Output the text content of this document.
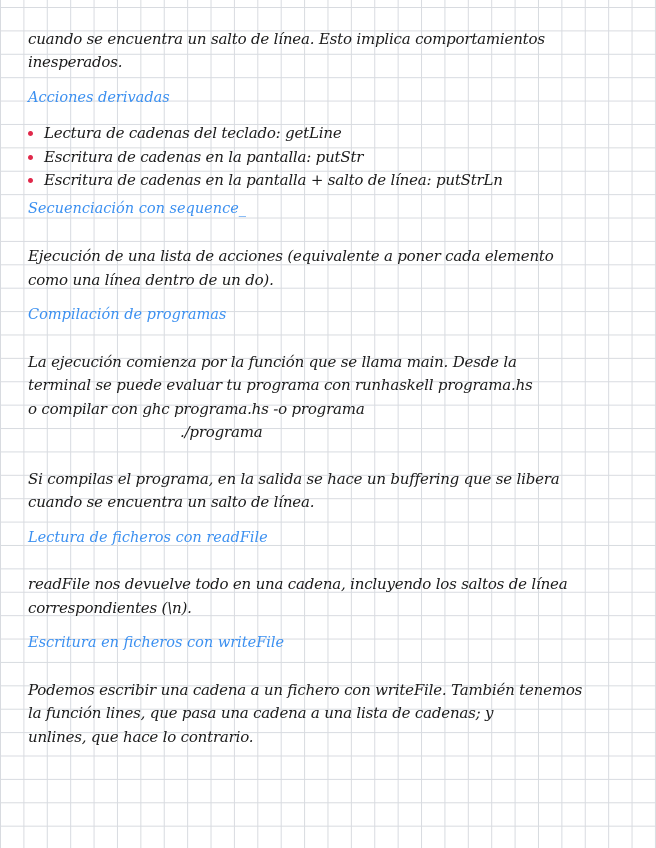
cuando se encuentra un salto de línea. Esto implica comportamientos

inesperados.

Acciones derivadas

Lectura de cadenas del teclado: getLine
Escritura de cadenas en la pantalla: putStr
Escritura de cadenas en la pantalla + salto de línea: putStrLn

Secuenciación con sequence_

Ejecución de una lista de acciones (equivalente a poner cada elemento

como una línea dentro de un do).

Compilación de programas

La ejecución comienza por la función que se llama main. Desde la

terminal se puede evaluar tu programa con runhaskell programa.hs

o compilar con ghc programa.hs -o programa

./programa

Si compilas el programa, en la salida se hace un buffering que se libera

cuando se encuentra un salto de línea.

Lectura de ficheros con readFile

readFile nos devuelve todo en una cadena, incluyendo los saltos de línea

correspondientes (\n).

Escritura en ficheros con writeFile

Podemos escribir una cadena a un fichero con writeFile. También tenemos

la función lines, que pasa una cadena a una lista de cadenas; y

unlines, que hace lo contrario.
